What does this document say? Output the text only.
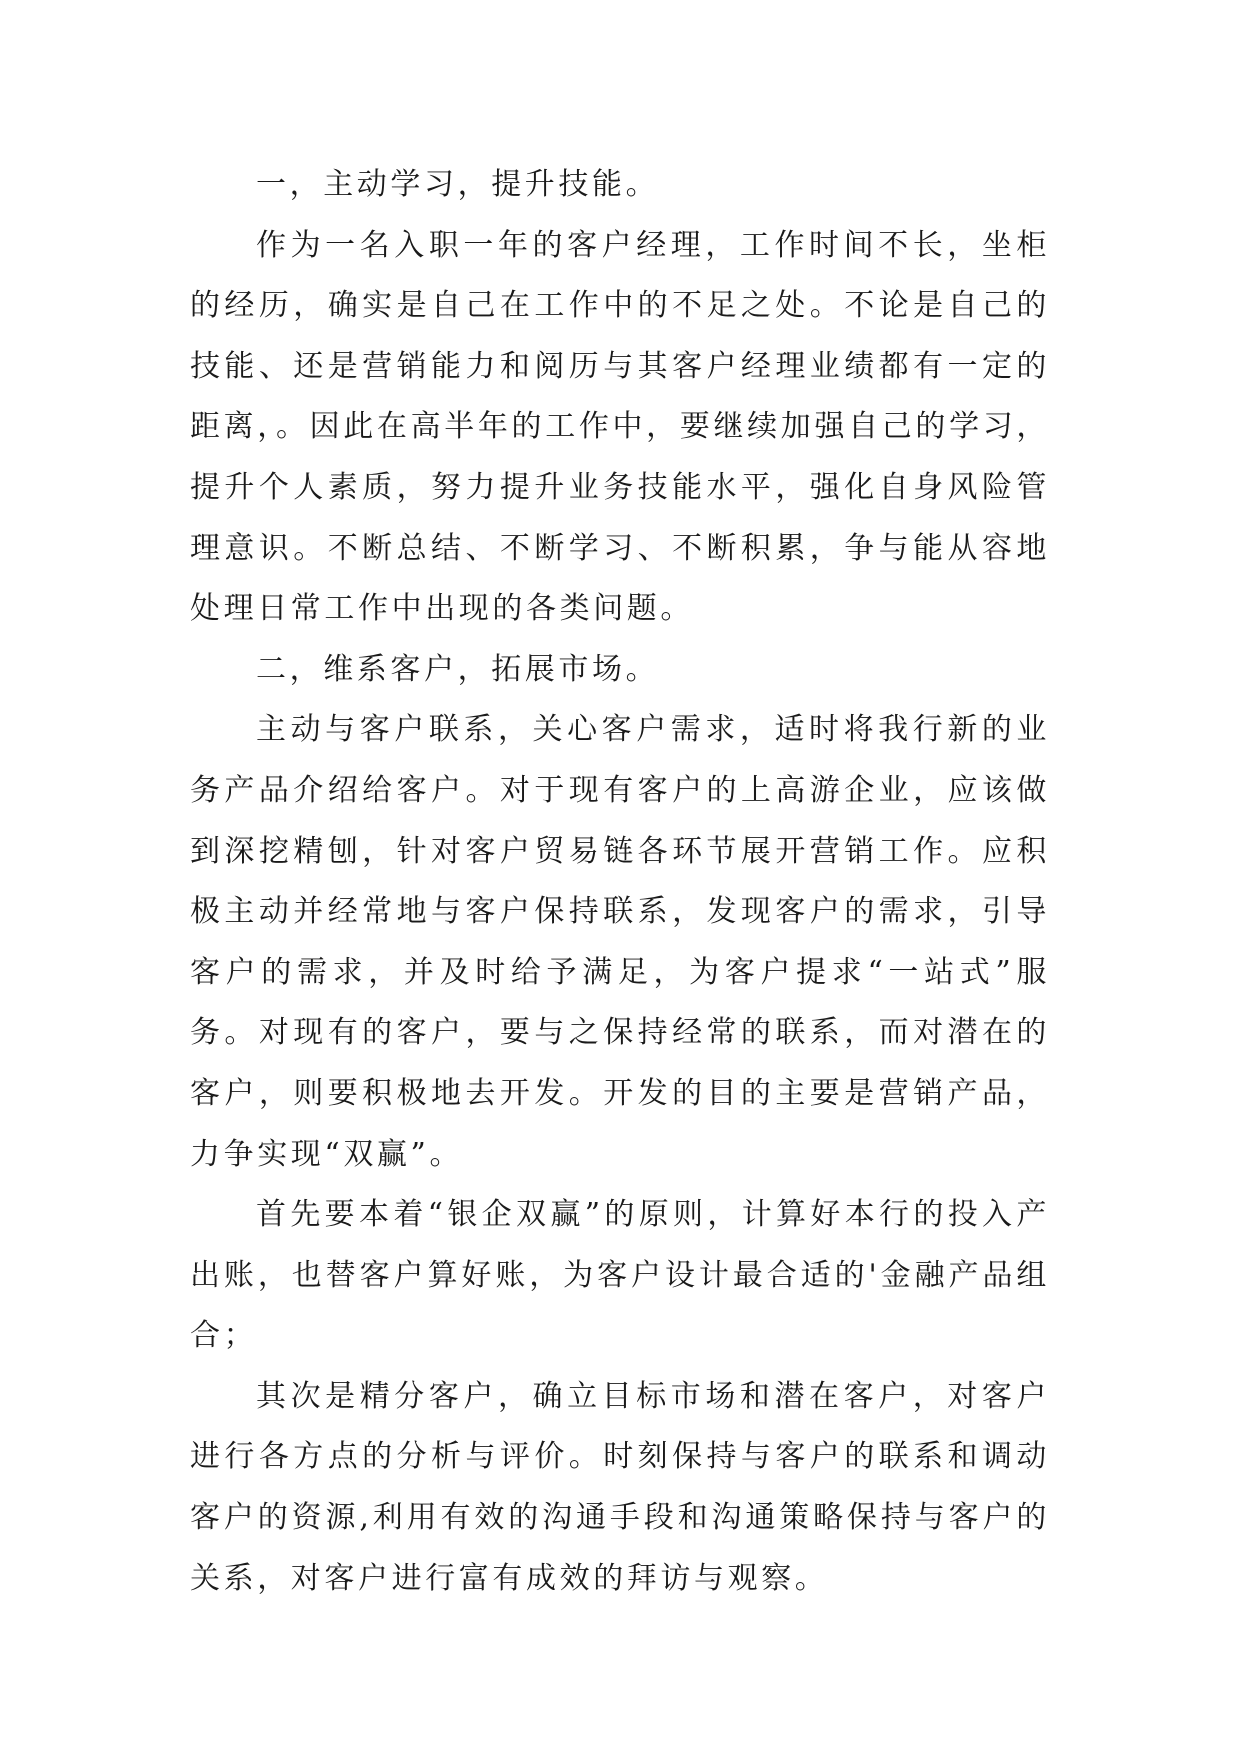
一，主动学习，提升技能。

作为一名入职一年的客户经理，工作时间不长，坐柜的经历，确实是自己在工作中的不足之处。不论是自己的技能、还是营销能力和阅历与其客户经理业绩都有一定的距离，。因此在高半年的工作中，要继续加强自己的学习，提升个人素质，努力提升业务技能水平，强化自身风险管理意识。不断总结、不断学习、不断积累，争与能从容地处理日常工作中出现的各类问题。

二，维系客户，拓展市场。

主动与客户联系，关心客户需求，适时将我行新的业务产品介绍给客户。对于现有客户的上高游企业，应该做到深挖精刨，针对客户贸易链各环节展开营销工作。应积极主动并经常地与客户保持联系，发现客户的需求，引导客户的需求，并及时给予满足，为客户提求“一站式”服务。对现有的客户，要与之保持经常的联系，而对潜在的客户，则要积极地去开发。开发的目的主要是营销产品，力争实现“双赢”。

首先要本着“银企双赢”的原则，计算好本行的投入产出账，也替客户算好账，为客户设计最合适的'金融产品组合；

其次是精分客户，确立目标市场和潜在客户，对客户进行各方点的分析与评价。时刻保持与客户的联系和调动客户的资源,利用有效的沟通手段和沟通策略保持与客户的关系，对客户进行富有成效的拜访与观察。
